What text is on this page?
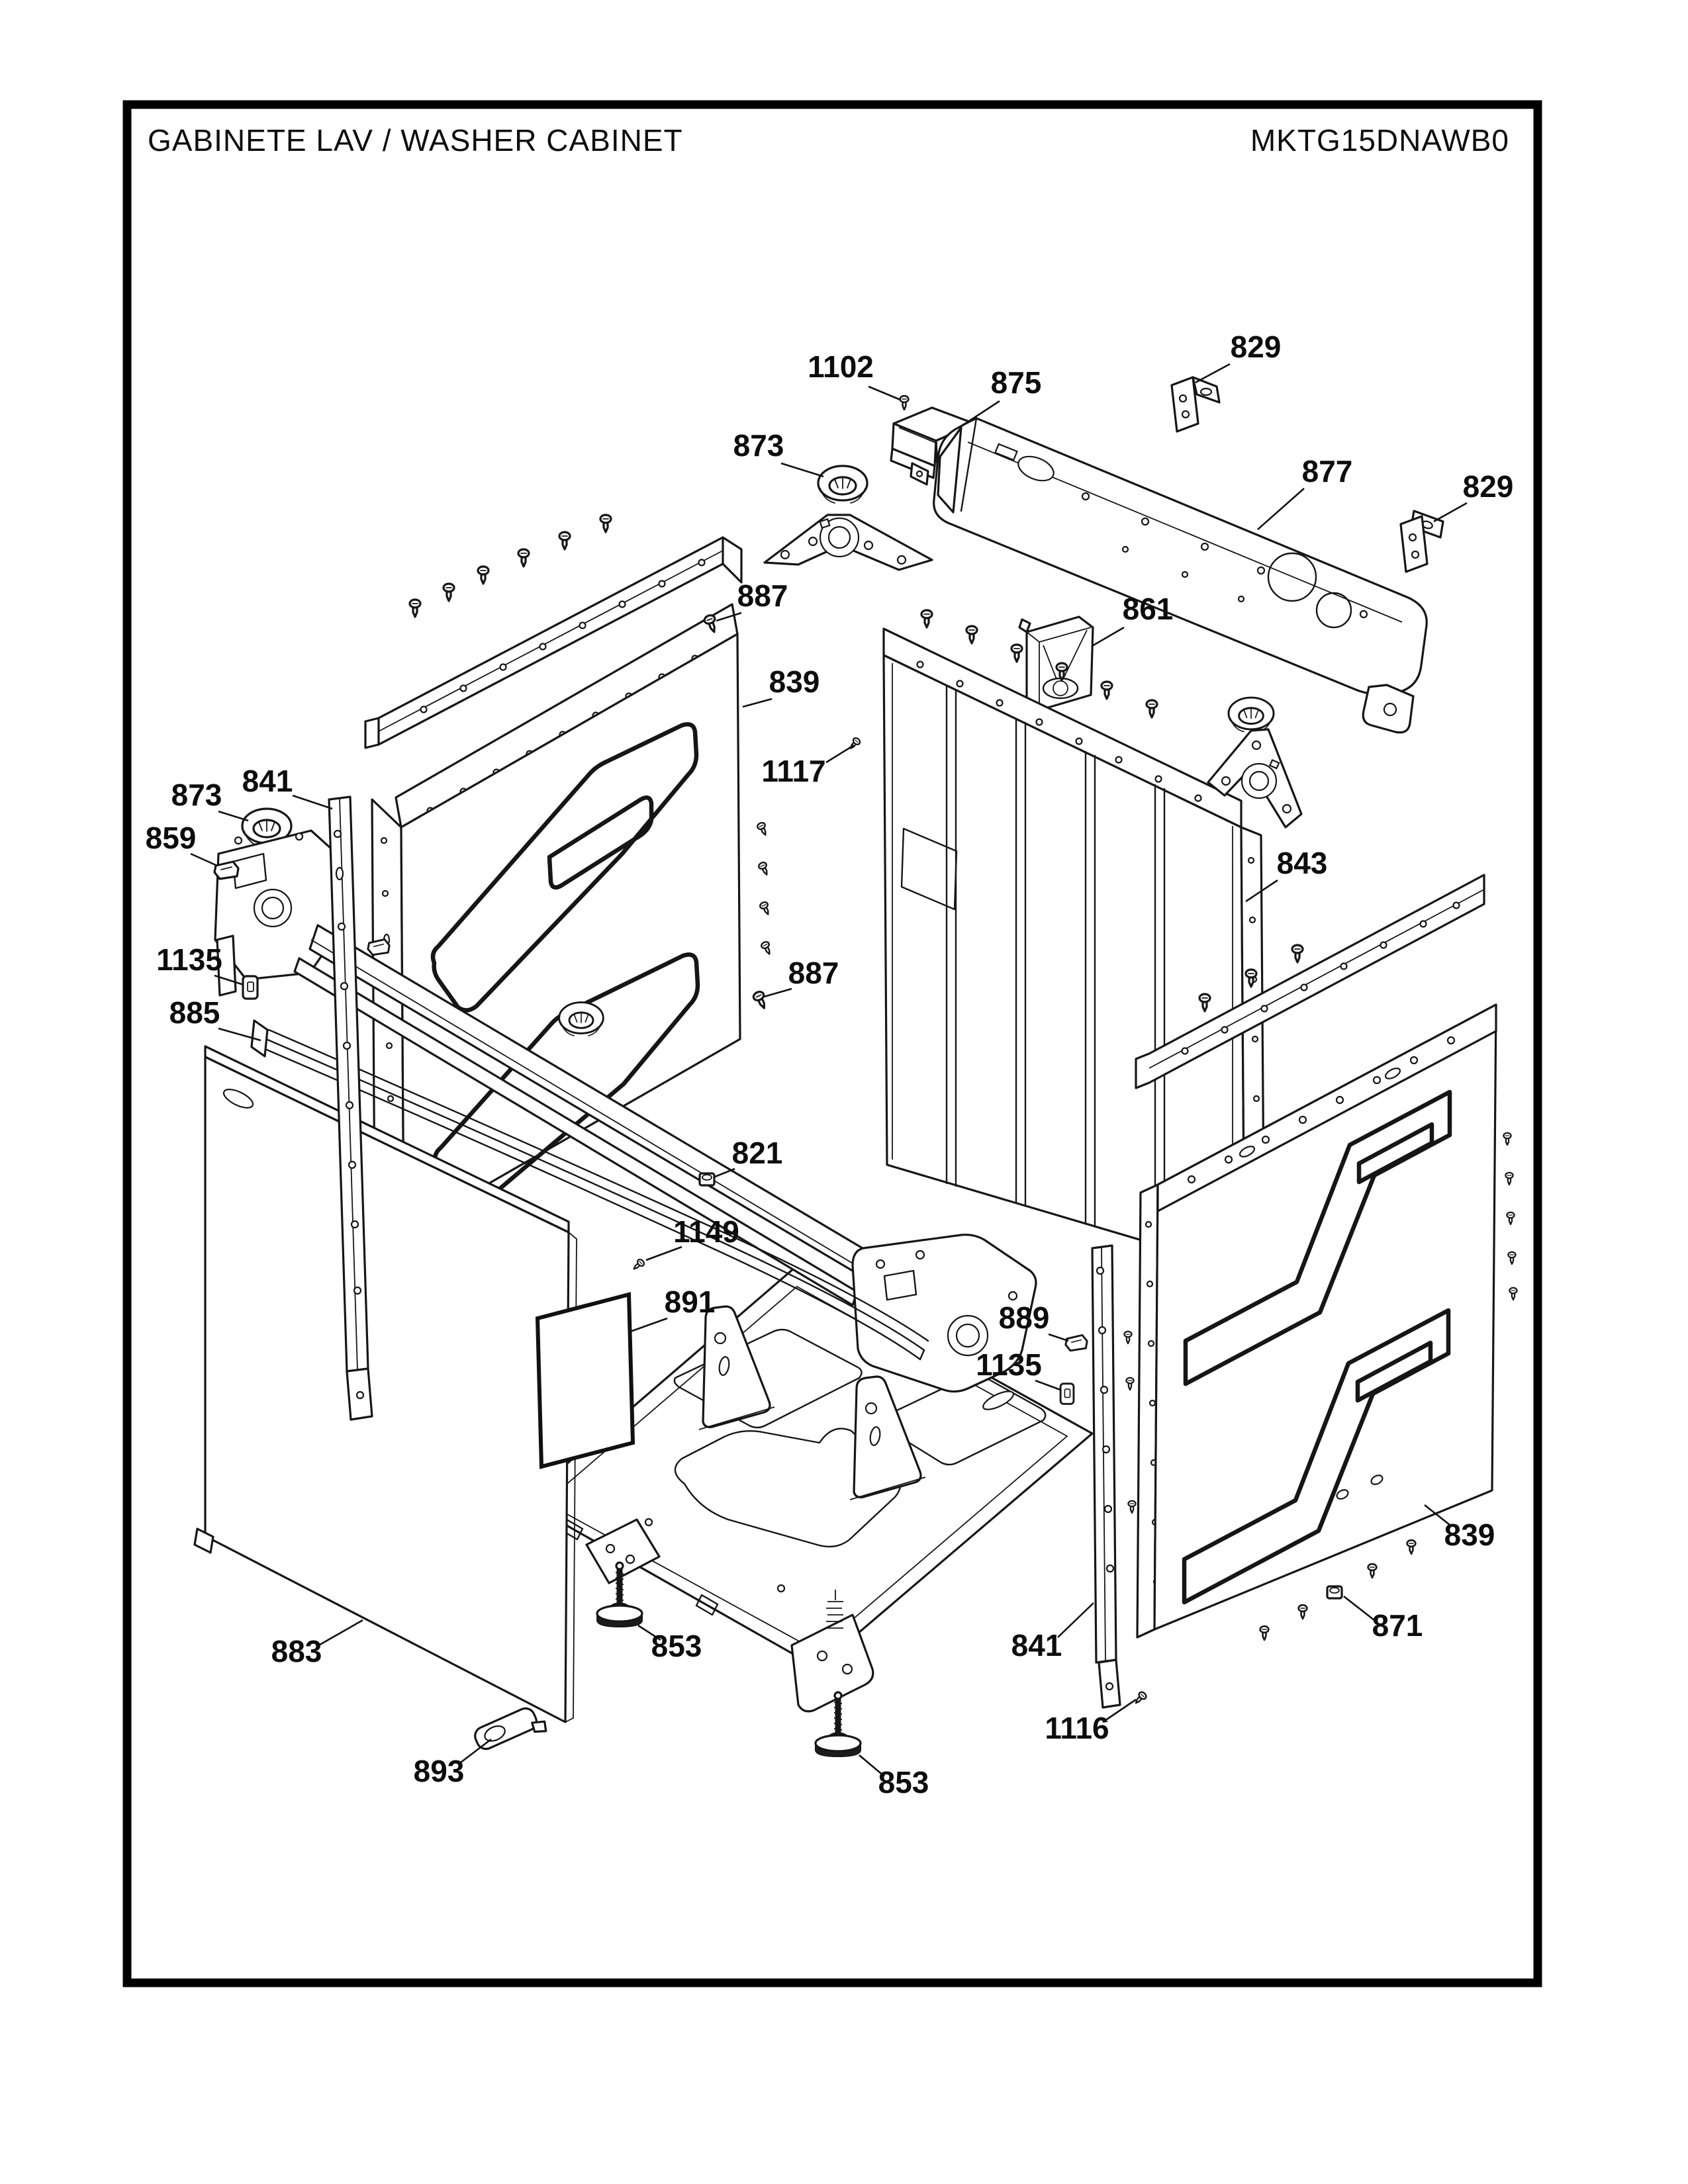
GABINETE LAV / WASHER CABINET	MKTG15DNAWB0
1102	875
829
873
877	829
887	861
839
1117
841
873
859
843
1135
885
887
821
1149
891	889
1135
839
871
883	853	841
1116
853
893
